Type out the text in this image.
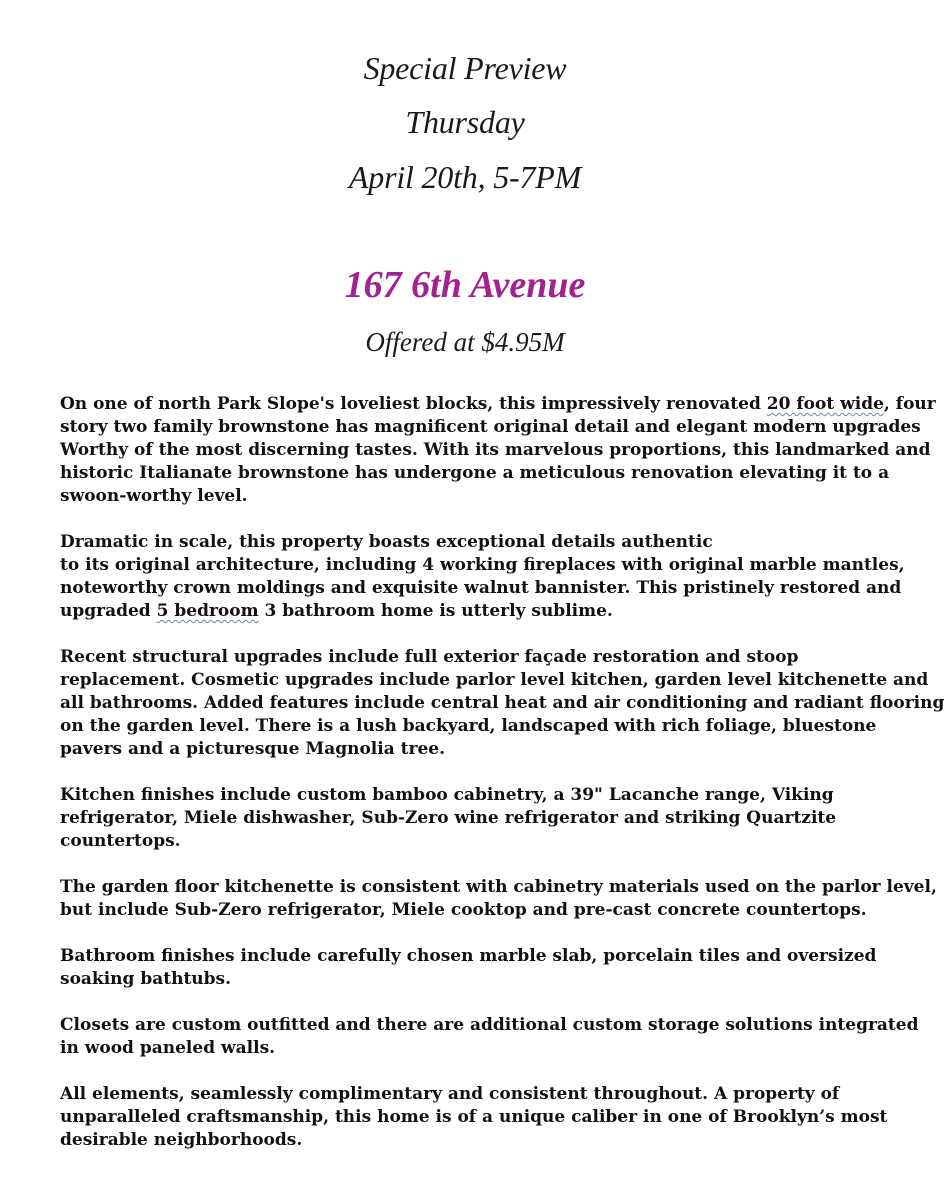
Special Preview
Thursday
April 20th, 5-7PM
167 6th Avenue
Offered at $4.95M

On one of north Park Slope's loveliest blocks, this impressively renovated 20 foot wide, four
story two family brownstone has magnificent original detail and elegant modern upgrades
Worthy of the most discerning tastes. With its marvelous proportions, this landmarked and
historic Italianate brownstone has undergone a meticulous renovation elevating it to a
swoon-worthy level.

Dramatic in scale, this property boasts exceptional details authentic
to its original architecture, including 4 working fireplaces with original marble mantles,
noteworthy crown moldings and exquisite walnut bannister. This pristinely restored and
upgraded 5 bedroom 3 bathroom home is utterly sublime.

Recent structural upgrades include full exterior façade restoration and stoop
replacement. Cosmetic upgrades include parlor level kitchen, garden level kitchenette and
all bathrooms. Added features include central heat and air conditioning and radiant flooring
on the garden level. There is a lush backyard, landscaped with rich foliage, bluestone
pavers and a picturesque Magnolia tree.

Kitchen finishes include custom bamboo cabinetry, a 39" Lacanche range, Viking
refrigerator, Miele dishwasher, Sub-Zero wine refrigerator and striking Quartzite
countertops.

The garden floor kitchenette is consistent with cabinetry materials used on the parlor level,
but include Sub-Zero refrigerator, Miele cooktop and pre-cast concrete countertops.

Bathroom finishes include carefully chosen marble slab, porcelain tiles and oversized
soaking bathtubs.

Closets are custom outfitted and there are additional custom storage solutions integrated
in wood paneled walls.

All elements, seamlessly complimentary and consistent throughout. A property of
unparalleled craftsmanship, this home is of a unique caliber in one of Brooklyn’s most
desirable neighborhoods.
